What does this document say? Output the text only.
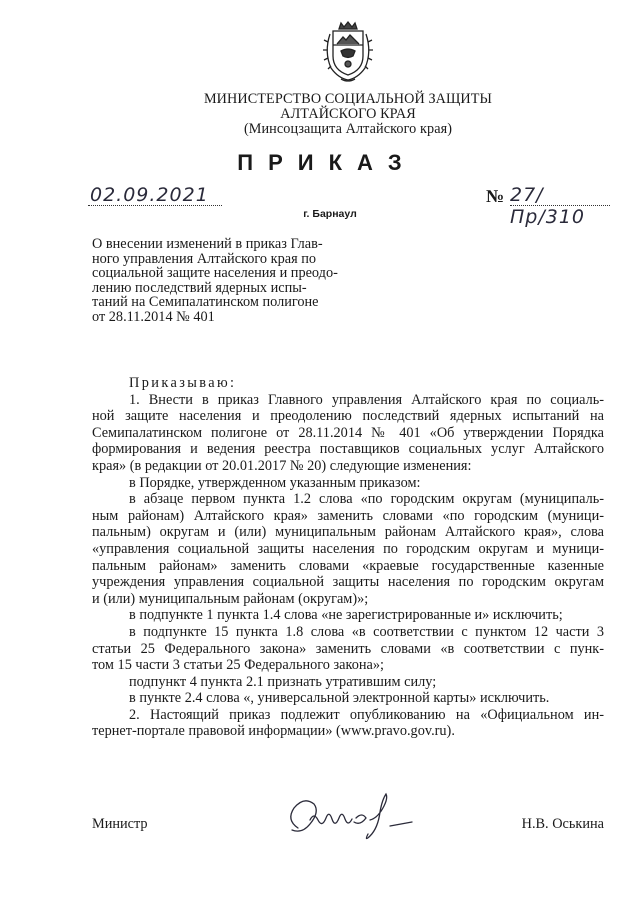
МИНИСТЕРСТВО СОЦИАЛЬНОЙ ЗАЩИТЫ
АЛТАЙСКОГО КРАЯ
(Минсоцзащита Алтайского края)
ПРИКАЗ
02.09.2021	№ 27/Пр/310
г. Барнаул
О внесении изменений в приказ Глав-
ного управления Алтайского края по
социальной защите населения и преодо-
лению последствий ядерных испы-
таний на Семипалатинском полигоне
от 28.11.2014 № 401
Приказываю:
1. Внести в приказ Главного управления Алтайского края по социаль-
ной защите населения и преодолению последствий ядерных испытаний на
Семипалатинском полигоне от 28.11.2014 № 401 «Об утверждении Порядка
формирования и ведения реестра поставщиков социальных услуг Алтайского
края» (в редакции от 20.01.2017 № 20) следующие изменения:
в Порядке, утвержденном указанным приказом:
в абзаце первом пункта 1.2 слова «по городским округам (муниципаль-
ным районам) Алтайского края» заменить словами «по городским (муници-
пальным) округам и (или) муниципальным районам Алтайского края», слова
«управления социальной защиты населения по городским округам и муници-
пальным районам» заменить словами «краевые государственные казенные
учреждения управления социальной защиты населения по городским округам
и (или) муниципальным районам (округам)»;
в подпункте 1 пункта 1.4 слова «не зарегистрированные и» исключить;
в подпункте 15 пункта 1.8 слова «в соответствии с пунктом 12 части 3
статьи 25 Федерального закона» заменить словами «в соответствии с пунк-
том 15 части 3 статьи 25 Федерального закона»;
подпункт 4 пункта 2.1 признать утратившим силу;
в пункте 2.4 слова «, универсальной электронной карты» исключить.
2. Настоящий приказ подлежит опубликованию на «Официальном ин-
тернет-портале правовой информации» (www.pravo.gov.ru).
Министр	Н.В. Оськина
